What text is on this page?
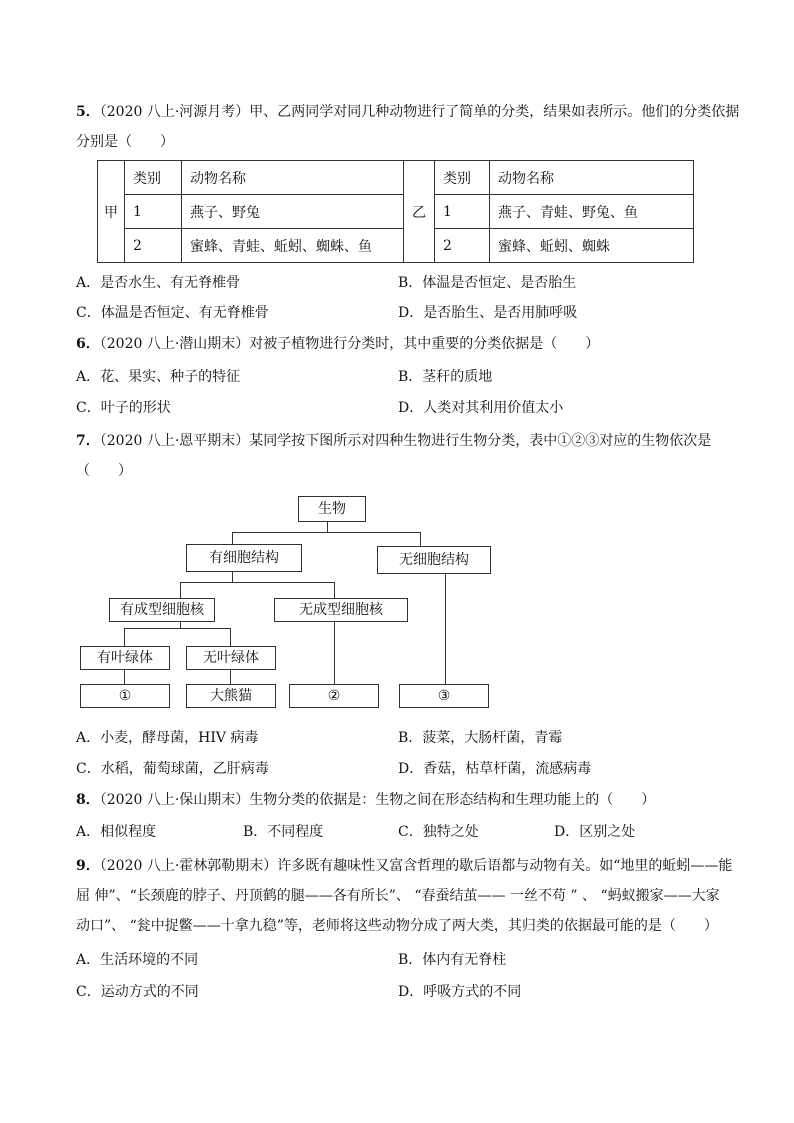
5．（2020 八上·河源月考）甲、乙两同学对同几种动物进行了简单的分类，结果如表所示。他们的分类依据
分别是（　　）
甲	类别	动物名称	乙	类别	动物名称
	1	燕子、野兔		1	燕子、青蛙、野兔、鱼
	2	蜜蜂、青蛙、蚯蚓、蜘蛛、鱼		2	蜜蜂、蚯蚓、蜘蛛
A．是否水生、有无脊椎骨	B．体温是否恒定、是否胎生
C．体温是否恒定、有无脊椎骨	D．是否胎生、是否用肺呼吸
6．（2020 八上·潜山期末）对被子植物进行分类时，其中重要的分类依据是（　　）
A．花、果实、种子的特征	B．茎秆的质地
C．叶子的形状	D．人类对其利用价值太小
7．（2020 八上·恩平期末）某同学按下图所示对四种生物进行生物分类，表中①②③对应的生物依次是
（　　）
生物
有细胞结构	无细胞结构
有成型细胞核	无成型细胞核
有叶绿体	无叶绿体
①	大熊猫	②	③
A．小麦，酵母菌，HIV 病毒	B．菠菜，大肠杆菌，青霉
C．水稻，葡萄球菌，乙肝病毒	D．香菇，枯草杆菌，流感病毒
8．（2020 八上·保山期末）生物分类的依据是：生物之间在形态结构和生理功能上的（　　）
A．相似程度	B．不同程度	C．独特之处	D．区别之处
9．（2020 八上·霍林郭勒期末）许多既有趣味性又富含哲理的歇后语都与动物有关。如“地里的蚯蚓——能
屈 伸”、“长颈鹿的脖子、丹顶鹤的腿——各有所长”、 “春蚕结茧—— 一丝不苟 ” 、 “蚂蚁搬家——大家
动口”、 “瓮中捉鳖——十拿九稳”等，老师将这些动物分成了两大类，其归类的依据最可能的是（　　）
A．生活环境的不同	B．体内有无脊柱
C．运动方式的不同	D．呼吸方式的不同
